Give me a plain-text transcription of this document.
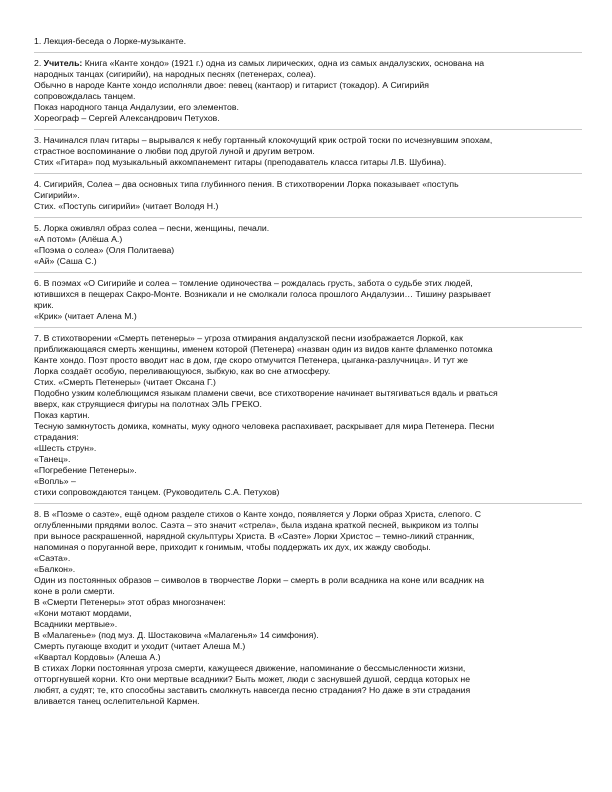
1. Лекция-беседа о Лорке-музыканте.
2. Учитель: Книга «Канте хондо» (1921 г.) одна из самых лирических, одна из самых андалузских, основана на
народных танцах (сигирийи), на народных песнях (петенерах, солеа).
Обычно в народе Канте хондо исполняли двое: певец (кантаор) и гитарист (токадор). А Сигирийя
сопровождалась танцем.
Показ народного танца Андалузии, его элементов.
Хореограф – Сергей Александрович Петухов.
3. Начинался плач гитары – вырывался к небу гортанный клокочущий крик острой тоски по исчезнувшим эпохам,
страстное воспоминание о любви под другой луной и другим ветром.
Стих «Гитара» под музыкальный аккомпанемент гитары (преподаватель класса гитары Л.В. Шубина).
4. Сигирийя, Солеа – два основных типа глубинного пения. В стихотворении Лорка показывает «поступь
Сигирийи».
Стих. «Поступь сигирийи» (читает Володя Н.)
5. Лорка оживлял образ солеа – песни, женщины, печали.
«А потом» (Алёша А.)
«Поэма о солеа» (Оля Политаева)
«Ай» (Саша С.)
6. В поэмах «О Сигирийе и солеа – томление одиночества – рождалась грусть, забота о судьбе этих людей,
ютившихся в пещерах Сакро-Монте. Возникали и не смолкали голоса прошлого Андалузии… Тишину разрывает
крик.
«Крик» (читает Алена М.)
7. В стихотворении «Смерть петенеры» – угроза отмирания андалузской песни изображается Лоркой, как
приближающаяся смерть женщины, именем которой (Петенера) «назван один из видов канте фламенко потомка
Канте хондо. Поэт просто вводит нас в дом, где скоро отмучится Петенера, цыганка-разлучница». И тут же
Лорка создаёт особую, переливающуюся, зыбкую, как во сне атмосферу.
Стих. «Смерть Петенеры» (читает Оксана Г.)
Подобно узким колеблющимся языкам пламени свечи, все стихотворение начинает вытягиваться вдаль и рваться
вверх, как струящиеся фигуры на полотнах ЭЛЬ ГРЕКО.
Показ картин.
Тесную замкнутость домика, комнаты, муку одного человека распахивает, раскрывает для мира Петенера. Песни
страдания:
«Шесть струн».
«Танец».
«Погребение Петенеры».
«Вопль» –
стихи сопровождаются танцем. (Руководитель С.А. Петухов)
8. В «Поэме о саэте», ещё одном разделе стихов о Канте хондо, появляется у Лорки образ Христа, слепого. С
оглубленными прядями волос. Саэта – это значит «стрела», была издана краткой песней, выкриком из толпы
при выносе раскрашенной, нарядной скульптуры Христа. В «Саэте» Лорки Христос – темно-ликий странник,
напоминая о поруганной вере, приходит к гонимым, чтобы поддержать их дух, их жажду свободы.
«Саэта».
«Балкон».
Один из постоянных образов – символов в творчестве Лорки – смерть в роли всадника на коне или всадник на
коне в роли смерти.
В «Смерти Петенеры» этот образ многозначен:
«Кони мотают мордами,
Всадники мертвые».
В «Малагенье» (под муз. Д. Шостаковича «Малагенья» 14 симфония).
Смерть пугающе входит и уходит (читает Алеша М.)
«Квартал Кордовы» (Алеша А.)
В стихах Лорки постоянная угроза смерти, кажущееся движение, напоминание о бессмысленности жизни,
отторгнувшей корни. Кто они мертвые всадники? Быть может, люди с заснувшей душой, сердца которых не
любят, а судят; те, кто способны заставить смолкнуть навсегда песню страдания? Но даже в эти страдания
вливается танец ослепительной Кармен.
